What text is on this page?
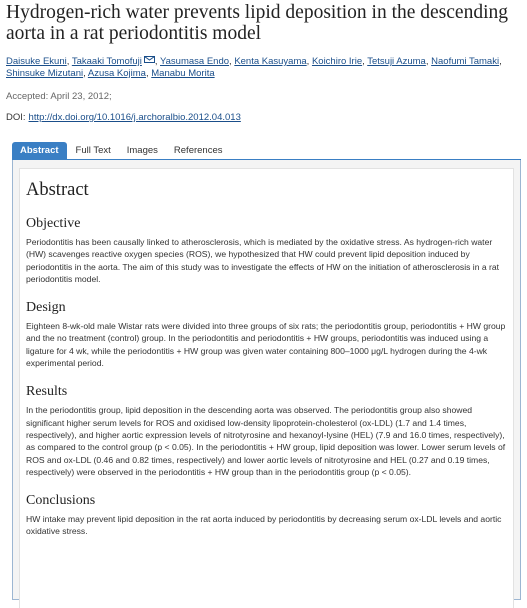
Hydrogen-rich water prevents lipid deposition in the descending aorta in a rat periodontitis model
Daisuke Ekuni, Takaaki Tomofuji , Yasumasa Endo, Kenta Kasuyama, Koichiro Irie, Tetsuji Azuma, Naofumi Tamaki, Shinsuke Mizutani, Azusa Kojima, Manabu Morita
Accepted: April 23, 2012;
DOI: http://dx.doi.org/10.1016/j.archoralbio.2012.04.013
Abstract	Full Text	Images	References
Abstract
Objective

Periodontitis has been causally linked to atherosclerosis, which is mediated by the oxidative stress. As hydrogen-rich water (HW) scavenges reactive oxygen species (ROS), we hypothesized that HW could prevent lipid deposition induced by periodontitis in the aorta. The aim of this study was to investigate the effects of HW on the initiation of atherosclerosis in a rat periodontitis model.

Design

Eighteen 8-wk-old male Wistar rats were divided into three groups of six rats; the periodontitis group, periodontitis + HW group and the no treatment (control) group. In the periodontitis and periodontitis + HW groups, periodontitis was induced using a ligature for 4 wk, while the periodontitis + HW group was given water containing 800–1000 μg/L hydrogen during the 4-wk experimental period.

Results

In the periodontitis group, lipid deposition in the descending aorta was observed. The periodontitis group also showed significant higher serum levels for ROS and oxidised low-density lipoprotein-cholesterol (ox-LDL) (1.7 and 1.4 times, respectively), and higher aortic expression levels of nitrotyrosine and hexanoyl-lysine (HEL) (7.9 and 16.0 times, respectively), as compared to the control group (p < 0.05). In the periodontitis + HW group, lipid deposition was lower. Lower serum levels of ROS and ox-LDL (0.46 and 0.82 times, respectively) and lower aortic levels of nitrotyrosine and HEL (0.27 and 0.19 times, respectively) were observed in the periodontitis + HW group than in the periodontitis group (p < 0.05).

Conclusions

HW intake may prevent lipid deposition in the rat aorta induced by periodontitis by decreasing serum ox-LDL levels and aortic oxidative stress.
